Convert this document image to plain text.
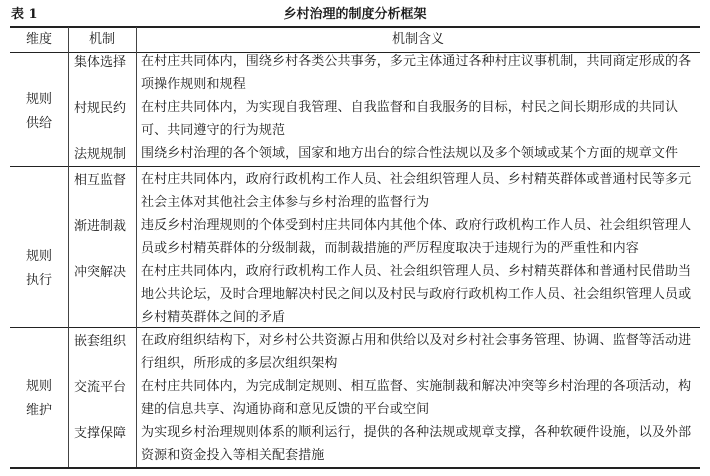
表 1	乡村治理的制度分析框架
维度	机制	机制含义
规则供给
集体选择	在村庄共同体内，围绕乡村各类公共事务，多元主体通过各种村庄议事机制，共同商定形成的各项操作规则和规程
村规民约	在村庄共同体内，为实现自我管理、自我监督和自我服务的目标，村民之间长期形成的共同认可、共同遵守的行为规范
法规规制	围绕乡村治理的各个领域，国家和地方出台的综合性法规以及多个领域或某个方面的规章文件
规则执行
相互监督	在村庄共同体内，政府行政机构工作人员、社会组织管理人员、乡村精英群体或普通村民等多元社会主体对其他社会主体参与乡村治理的监督行为
渐进制裁	违反乡村治理规则的个体受到村庄共同体内其他个体、政府行政机构工作人员、社会组织管理人员或乡村精英群体的分级制裁，而制裁措施的严厉程度取决于违规行为的严重性和内容
冲突解决	在村庄共同体内，政府行政机构工作人员、社会组织管理人员、乡村精英群体和普通村民借助当地公共论坛，及时合理地解决村民之间以及村民与政府行政机构工作人员、社会组织管理人员或乡村精英群体之间的矛盾
规则维护
嵌套组织	在政府组织结构下，对乡村公共资源占用和供给以及对乡村社会事务管理、协调、监督等活动进行组织，所形成的多层次组织架构
交流平台	在村庄共同体内，为完成制定规则、相互监督、实施制裁和解决冲突等乡村治理的各项活动，构建的信息共享、沟通协商和意见反馈的平台或空间
支撑保障	为实现乡村治理规则体系的顺利运行，提供的各种法规或规章支撑，各种软硬件设施，以及外部资源和资金投入等相关配套措施
